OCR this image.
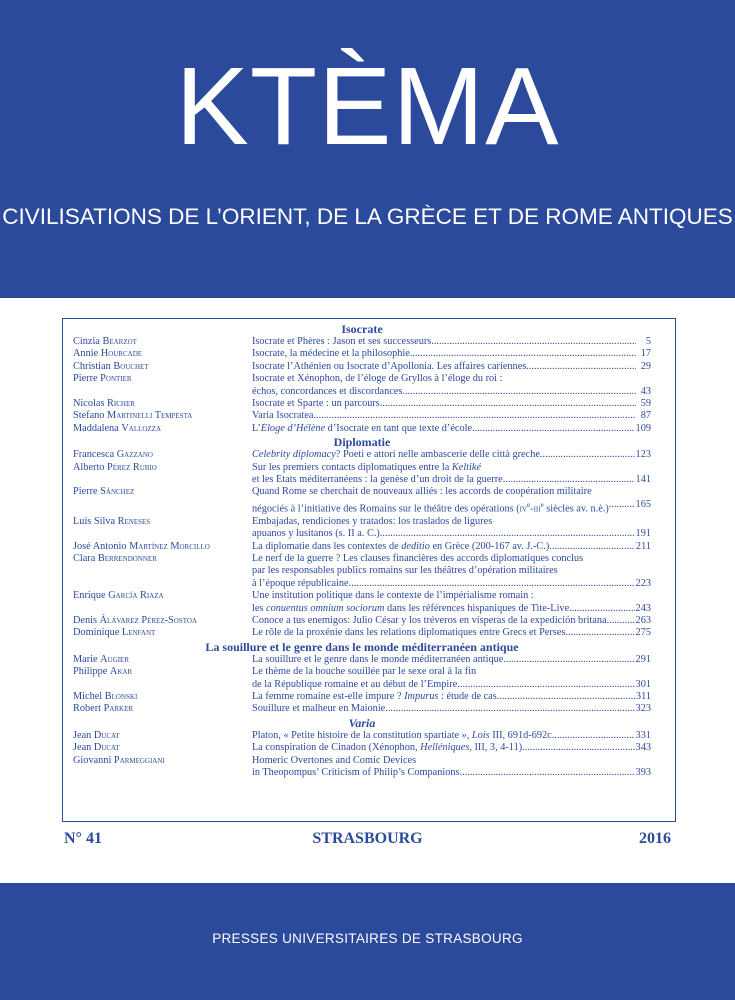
KTÈMA
CIVILISATIONS DE L’ORIENT, DE LA GRÈCE ET DE ROME ANTIQUES
Isocrate
Cinzia Bearzot	Isocrate et Phères : Jason et ses successeurs .....	5
Annie Hourcade	Isocrate, la médecine et la philosophie .....	17
Christian Bouchet	Isocrate l’Athénien ou Isocrate d’Apollonia. Les affaires cariennes .....	29
Pierre Pontier	Isocrate et Xénophon, de l’éloge de Gryllos à l’éloge du roi :
échos, concordances et discordances .....	43
Nicolas Richer	Isocrate et Sparte : un parcours .....	59
Stefano Martinelli Tempesta	Varia Isocratea .....	87
Maddalena Vallozza	L’Éloge d’Hélène d’Isocrate en tant que texte d’école .....	109
Diplomatie
Francesca Gazzano	Celebrity diplomacy? Poeti e attori nelle ambascerie delle città greche .....	123
Alberto Pérez Rubio	Sur les premiers contacts diplomatiques entre la Keltiké
et les États méditerranéens : la genèse d’un droit de la guerre .....	141
Pierre Sánchez	Quand Rome se cherchait de nouveaux alliés : les accords de coopération militaire
négociés à l’initiative des Romains sur le théâtre des opérations ($iv^e-iii^e$ siècles av. n.è.) .....	165
Luis Silva Reneses	Embajadas, rendiciones y tratados: los traslados de ligures
apuanos y lusitanos (s. II a. C.) .....	191
José Antonio Martínez Morcillo	La diplomatie dans les contextes de deditio en Grèce (200-167 av. J.-C.) .....	211
Clara Berrendonner	Le nerf de la guerre ? Les clauses financières des accords diplomatiques conclus
par les responsables publics romains sur les théâtres d’opération militaires
à l’époque républicaine .....	223
Enrique García Riaza	Une institution politique dans le contexte de l’impérialisme romain :
les conuentus omnium sociorum dans les références hispaniques de Tite-Live .....	243
Denis Álávarez Pérez-Sostoa	Conoce a tus enemigos: Julio César y los tréveros en vísperas de la expedición britana .....	263
Dominique Lenfant	Le rôle de la proxénie dans les relations diplomatiques entre Grecs et Perses .....	275
La souillure et le genre dans le monde méditerranéen antique
Marie Augier	La souillure et le genre dans le monde méditerranéen antique .....	291
Philippe Akar	Le thème de la bouche souillée par le sexe oral à la fin
de la République romaine et au début de l’Empire .....	301
Michel Blonski	La femme romaine est-elle impure ? Impurus : étude de cas .....	311
Robert Parker	Souillure et malheur en Maionie .....	323
Varia
Jean Ducat	Platon, « Petite histoire de la constitution spartiate », Lois III, 691d-692c .....	331
Jean Ducat	La conspiration de Cinadon (Xénophon, Helléniques, III, 3, 4-11) .....	343
Giovanni Parmeggiani	Homeric Overtones and Comic Devices
in Theopompus’ Criticism of Philip’s Companions .....	393
N° 41	STRASBOURG	2016
PRESSES UNIVERSITAIRES DE STRASBOURG
